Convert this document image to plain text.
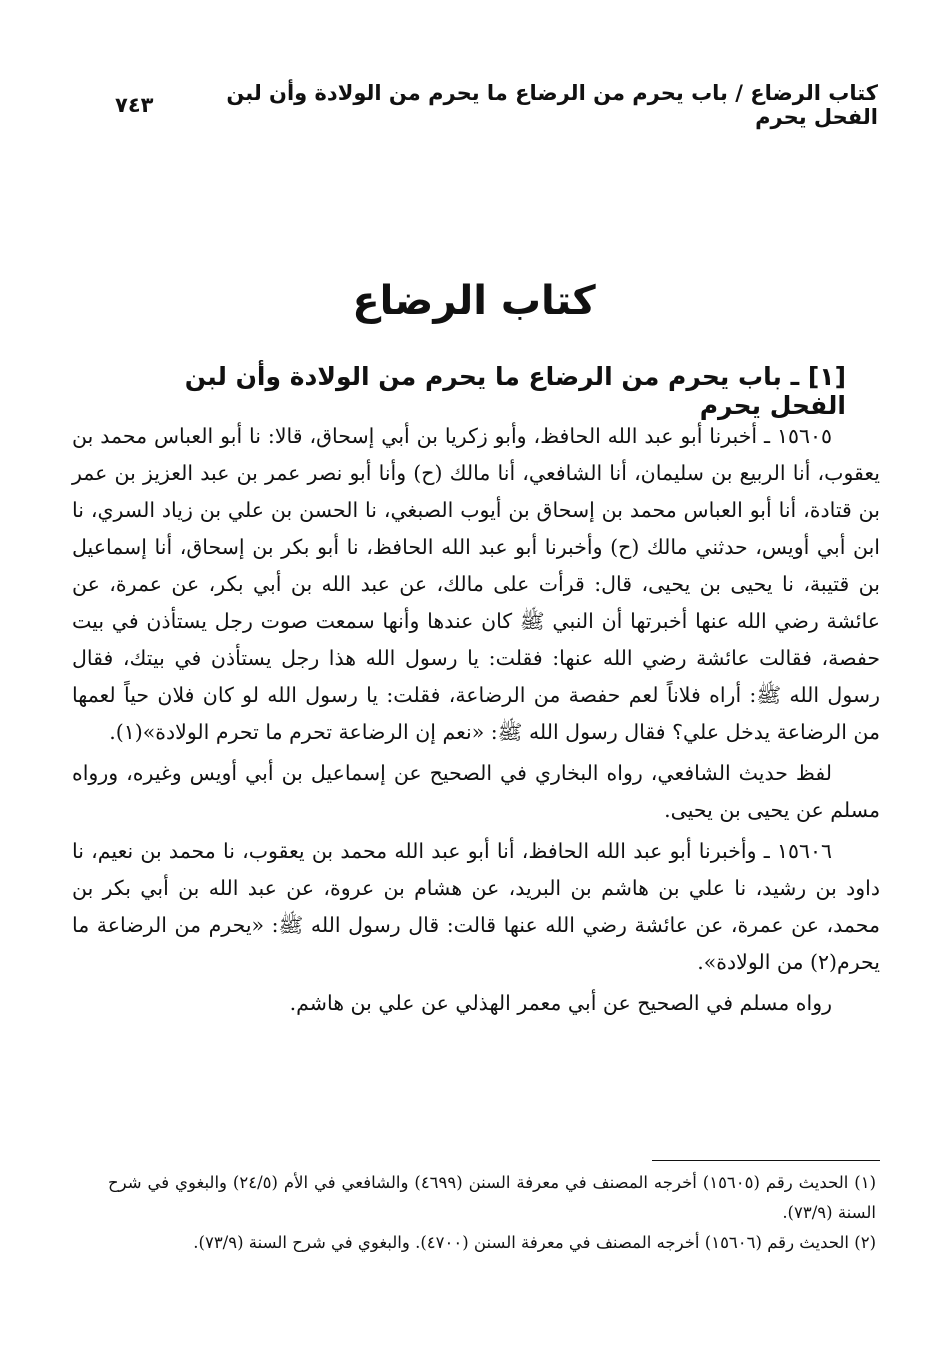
كتاب الرضاع / باب يحرم من الرضاع ما يحرم من الولادة وأن لبن الفحل يحرم
٧٤٣
كتاب الرضاع
[١] ـ باب يحرم من الرضاع ما يحرم من الولادة وأن لبن الفحل يحرم

١٥٦٠٥ ـ أخبرنا أبو عبد الله الحافظ، وأبو زكريا بن أبي إسحاق، قالا: نا أبو العباس محمد بن يعقوب، أنا الربيع بن سليمان، أنا الشافعي، أنا مالك (ح) وأنا أبو نصر عمر بن عبد العزيز بن عمر بن قتادة، أنا أبو العباس محمد بن إسحاق بن أيوب الصبغي، نا الحسن بن علي بن زياد السري، نا ابن أبي أويس، حدثني مالك (ح) وأخبرنا أبو عبد الله الحافظ، نا أبو بكر بن إسحاق، أنا إسماعيل بن قتيبة، نا يحيى بن يحيى، قال: قرأت على مالك، عن عبد الله بن أبي بكر، عن عمرة، عن عائشة رضي الله عنها أخبرتها أن النبي ﷺ كان عندها وأنها سمعت صوت رجل يستأذن في بيت حفصة، فقالت عائشة رضي الله عنها: فقلت: يا رسول الله هذا رجل يستأذن في بيتك، فقال رسول الله ﷺ: أراه فلاناً لعم حفصة من الرضاعة، فقلت: يا رسول الله لو كان فلان حياً لعمها من الرضاعة يدخل علي؟ فقال رسول الله ﷺ: «نعم إن الرضاعة تحرم ما تحرم الولادة»(١).

لفظ حديث الشافعي، رواه البخاري في الصحيح عن إسماعيل بن أبي أويس وغيره، ورواه مسلم عن يحيى بن يحيى.

١٥٦٠٦ ـ وأخبرنا أبو عبد الله الحافظ، أنا أبو عبد الله محمد بن يعقوب، نا محمد بن نعيم، نا داود بن رشيد، نا علي بن هاشم بن البريد، عن هشام بن عروة، عن عبد الله بن أبي بكر بن محمد، عن عمرة، عن عائشة رضي الله عنها قالت: قال رسول الله ﷺ: «يحرم من الرضاعة ما يحرم(٢) من الولادة».

رواه مسلم في الصحيح عن أبي معمر الهذلي عن علي بن هاشم.

(١) الحديث رقم (١٥٦٠٥) أخرجه المصنف في معرفة السنن (٤٦٩٩) والشافعي في الأم (٢٤/٥) والبغوي في شرح السنة (٧٣/٩).

(٢) الحديث رقم (١٥٦٠٦) أخرجه المصنف في معرفة السنن (٤٧٠٠). والبغوي في شرح السنة (٧٣/٩).
